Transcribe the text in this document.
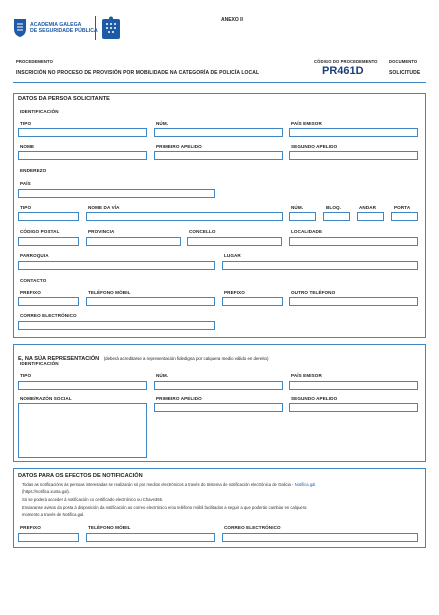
ACADEMIA GALEGA
DE SEGURIDADE PÚBLICA
ANEXO II
PROCEDEMENTO
INSCRICIÓN NO PROCESO DE PROVISIÓN POR MOBILIDADE NA CATEGORÍA DE POLICÍA LOCAL
CÓDIGO DO PROCEDEMENTO
PR461D
DOCUMENTO
SOLICITUDE
DATOS DA PERSOA SOLICITANTE
IDENTIFICACIÓN
TIPO	NÚM.	PAÍS EMISOR
NOME	PRIMEIRO APELIDO	SEGUNDO APELIDO
ENDEREZO
PAÍS
TIPO	NOME DA VÍA	NÚM.	BLOQ.	ANDAR	PORTA
CÓDIGO POSTAL	PROVINCIA	CONCELLO	LOCALIDADE
PARROQUIA	LUGAR
CONTACTO
PREFIXO	TELÉFONO MÓBIL	PREFIXO	OUTRO TELÉFONO
CORREO ELECTRÓNICO
E, NA SÚA REPRESENTACIÓN (deberá acreditarse a representación fidedigna por calquera medio válido en dereito)
IDENTIFICACIÓN
TIPO	NÚM.	PAÍS EMISOR
NOME/RAZÓN SOCIAL	PRIMEIRO APELIDO	SEGUNDO APELIDO
DATOS PARA OS EFECTOS DE NOTIFICACIÓN
Todas as notificacións ás persoas interesadas se realizarán só por medios electrónicos a través do Sistema de notificación electrónica de Galicia - Notifica.gal
(https://notifica.xunta.gal).
Só se poderá acceder á notificación co certificado electrónico ou Chave365.
Enviaranse avisos da posta á disposición da notificación ao correo electrónico e/ou teléfono móbil facilitados a seguir a que poderán cambiar en calquera
momento a través de Notifica.gal.
PREFIXO	TELÉFONO MÓBIL	CORREO ELECTRÓNICO
